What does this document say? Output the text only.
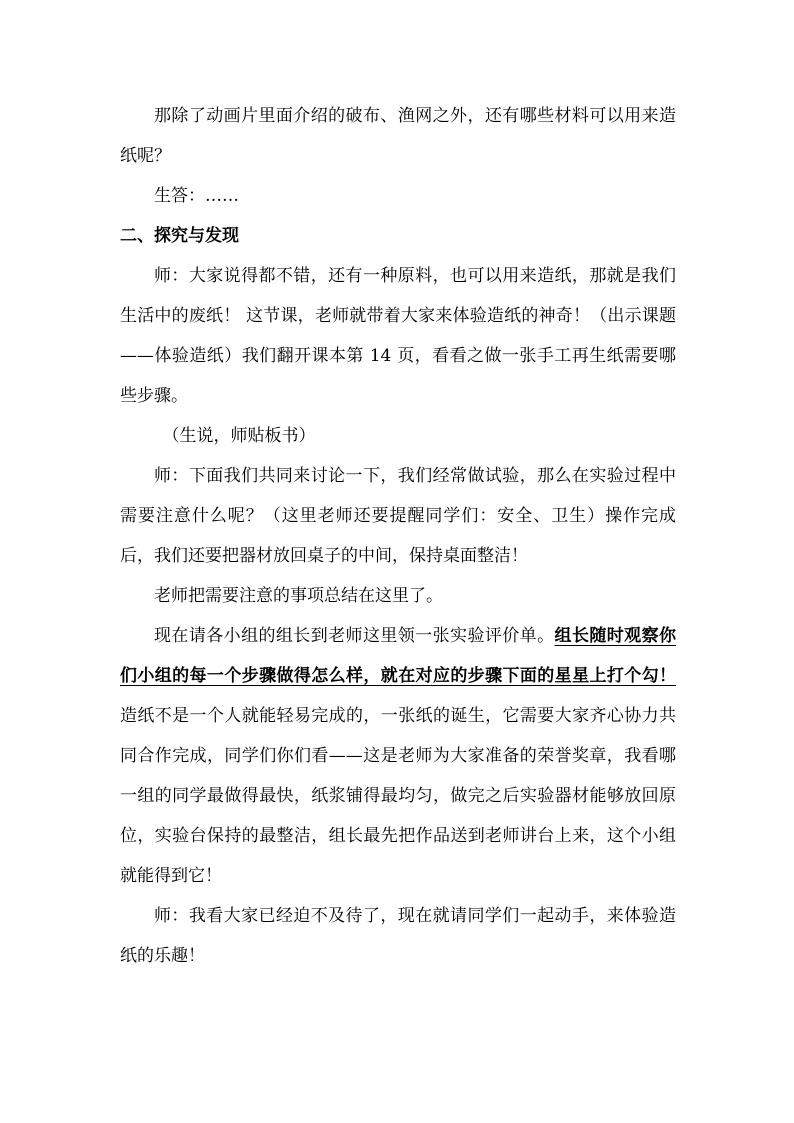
那除了动画片里面介绍的破布、渔网之外，还有哪些材料可以用来造纸呢？

生答：……

二、探究与发现

师：大家说得都不错，还有一种原料，也可以用来造纸，那就是我们生活中的废纸！ 这节课，老师就带着大家来体验造纸的神奇！（出示课题——体验造纸）我们翻开课本第 14 页，看看之做一张手工再生纸需要哪些步骤。

（生说，师贴板书）

师：下面我们共同来讨论一下，我们经常做试验，那么在实验过程中需要注意什么呢？（这里老师还要提醒同学们：安全、卫生）操作完成后，我们还要把器材放回桌子的中间，保持桌面整洁！

老师把需要注意的事项总结在这里了。

现在请各小组的组长到老师这里领一张实验评价单。组长随时观察你们小组的每一个步骤做得怎么样，就在对应的步骤下面的星星上打个勾！造纸不是一个人就能轻易完成的，一张纸的诞生，它需要大家齐心协力共同合作完成，同学们你们看——这是老师为大家准备的荣誉奖章，我看哪一组的同学最做得最快，纸浆铺得最均匀，做完之后实验器材能够放回原位，实验台保持的最整洁，组长最先把作品送到老师讲台上来，这个小组就能得到它！

师：我看大家已经迫不及待了，现在就请同学们一起动手，来体验造纸的乐趣！
